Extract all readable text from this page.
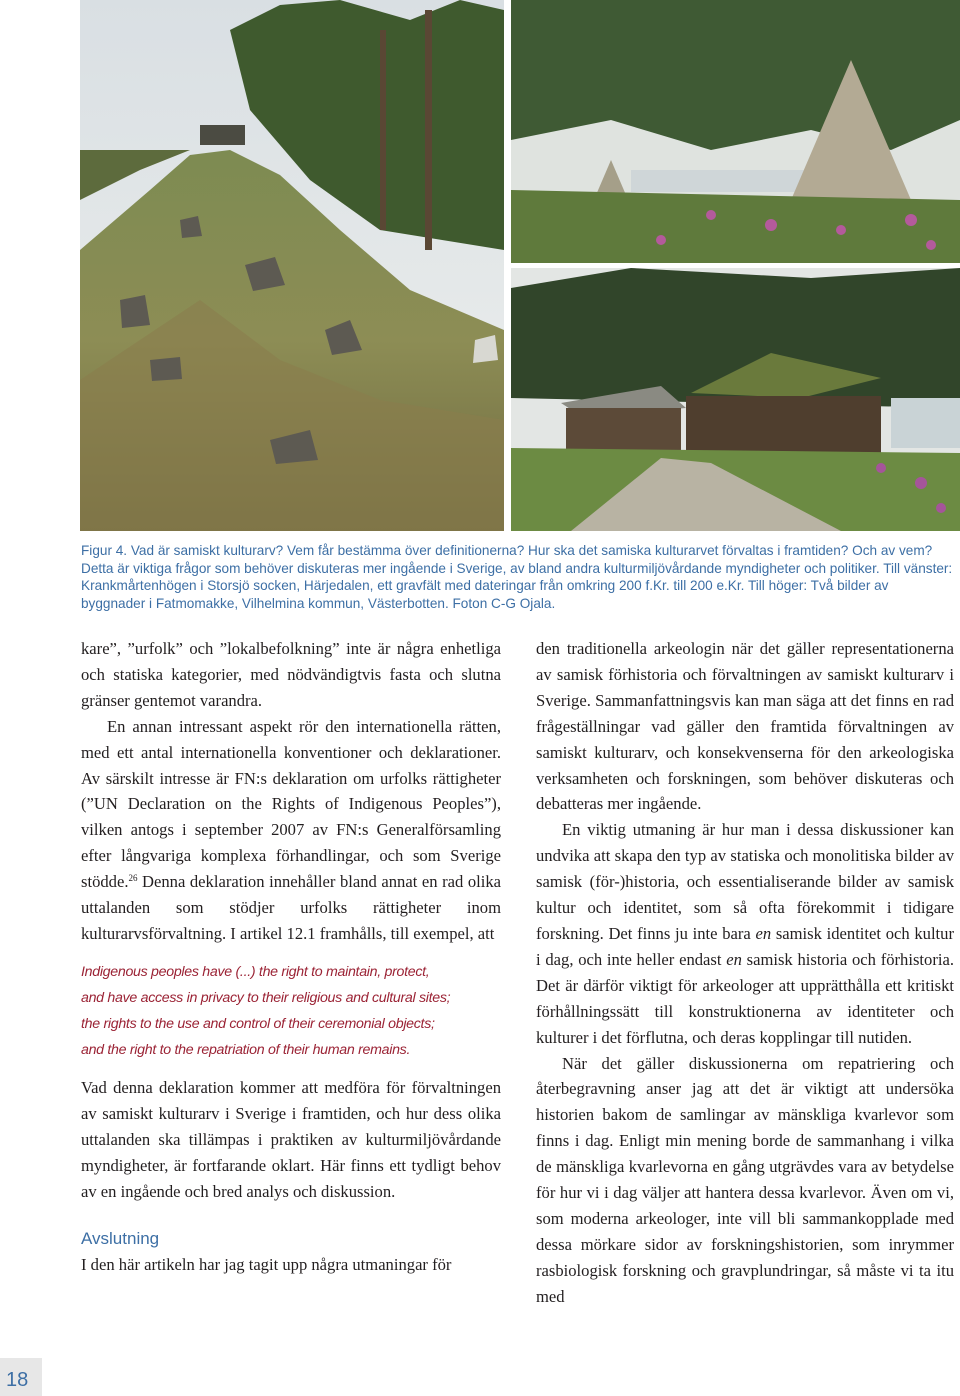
Figur 4. Vad är samiskt kulturarv? Vem får bestämma över definitionerna? Hur ska det samiska kulturarvet förvaltas i framtiden? Och av vem? Detta är viktiga frågor som behöver diskuteras mer ingående i Sverige, av bland andra kulturmiljövårdande myndigheter och politiker. Till vänster: Krankmårtenhögen i Storsjö socken, Härjedalen, ett gravfält med dateringar från omkring 200 f.Kr. till 200 e.Kr. Till höger: Två bilder av byggnader i Fatmomakke, Vilhelmina kommun, Västerbotten. Foton C-G Ojala.

kare”, ”urfolk” och ”lokalbefolkning” inte är några enhetliga och statiska kategorier, med nödvändigtvis fasta och slutna gränser gentemot varandra.

En annan intressant aspekt rör den internationella rätten, med ett antal internationella konventioner och deklarationer. Av särskilt intresse är FN:s deklaration om urfolks rättigheter (”UN Declaration on the Rights of Indigenous Peoples”), vilken antogs i september 2007 av FN:s Generalförsamling efter långvariga komplexa förhandlingar, och som Sverige stödde.$^{26}$ Denna deklaration innehåller bland annat en rad olika uttalanden som stödjer urfolks rättigheter inom kulturarvsförvaltning. I artikel 12.1 framhålls, till exempel, att

Indigenous peoples have (...) the right to maintain, protect,
and have access in privacy to their religious and cultural sites;
the rights to the use and control of their ceremonial objects;
and the right to the repatriation of their human remains.

Vad denna deklaration kommer att medföra för förvaltningen av samiskt kulturarv i Sverige i framtiden, och hur dess olika uttalanden ska tillämpas i praktiken av kulturmiljövårdande myndigheter, är fortfarande oklart. Här finns ett tydligt behov av en ingående och bred analys och diskussion.

Avslutning

I den här artikeln har jag tagit upp några utmaningar för

den traditionella arkeologin när det gäller representationerna av samisk förhistoria och förvaltningen av samiskt kulturarv i Sverige. Sammanfattningsvis kan man säga att det finns en rad frågeställningar vad gäller den framtida förvaltningen av samiskt kulturarv, och konsekvenserna för den arkeologiska verksamheten och forskningen, som behöver diskuteras och debatteras mer ingående.

En viktig utmaning är hur man i dessa diskussioner kan undvika att skapa den typ av statiska och monolitiska bilder av samisk (för-)historia, och essentialiserande bilder av samisk kultur och identitet, som så ofta förekommit i tidigare forskning. Det finns ju inte bara en samisk identitet och kultur i dag, och inte heller endast en samisk historia och förhistoria. Det är därför viktigt för arkeologer att upprätthålla ett kritiskt förhållningssätt till konstruktionerna av identiteter och kulturer i det förflutna, och deras kopplingar till nutiden.

När det gäller diskussionerna om repatriering och återbegravning anser jag att det är viktigt att undersöka historien bakom de samlingar av mänskliga kvarlevor som finns i dag. Enligt min mening borde de sammanhang i vilka de mänskliga kvarlevorna en gång utgrävdes vara av betydelse för hur vi i dag väljer att hantera dessa kvarlevor. Även om vi, som moderna arkeologer, inte vill bli sammankopplade med dessa mörkare sidor av forskningshistorien, som inrymmer rasbiologisk forskning och gravplundringar, så måste vi ta itu med

18
